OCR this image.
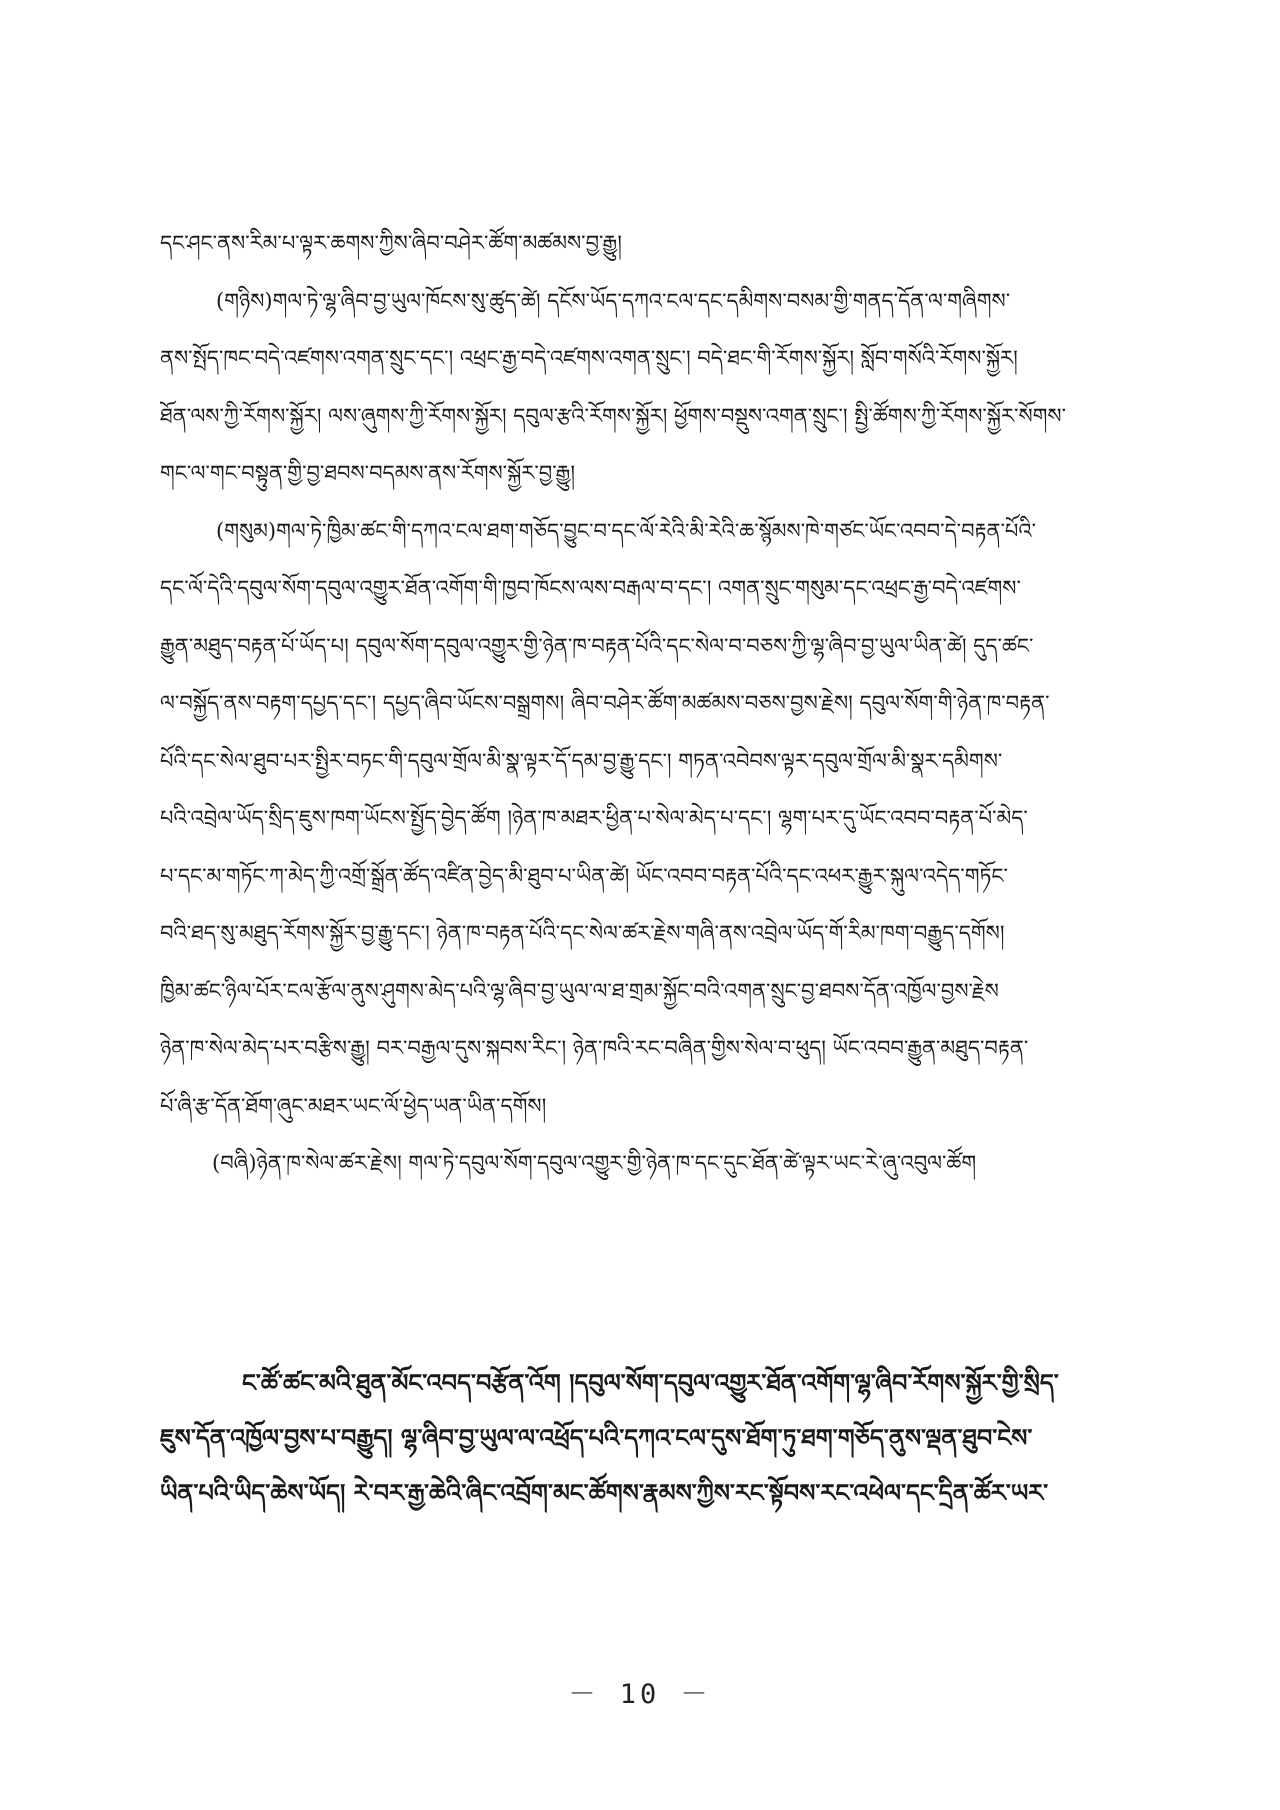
དང་ཤང་ནས་རིམ་པ་ལྟར་ཆགས་ཀྱིས་ཞིབ་བཤེར་ཚོག་མཚམས་བྱ་རྒྱུ།
(གཉིས)གལ་ཏེ་ལྷ་ཞིབ་བྱ་ཡུལ་ཁོངས་སུ་ཚུད་ཚེ། དངོས་ཡོད་དཀའ་ངལ་དང་དམིགས་བསམ་གྱི་གནད་དོན་ལ་གཞིགས་
ནས་སྤོད་ཁང་བདེ་འཛགས་འགན་སྲུང་དང་། འཕྲང་རྒྱ་བདེ་འཛགས་འགན་སྲུང་། བདེ་ཐང་གི་རོགས་སྐྱོར། སློབ་གསོའི་རོགས་སྐྱོར།
ཐོན་ལས་ཀྱི་རོགས་སྐྱོར། ལས་ཞུགས་ཀྱི་རོགས་སྐྱོར། དབུལ་རྩའི་རོགས་སྐྱོར། ཕྱོགས་བསྡུས་འགན་སྲུང་། སྤྱི་ཚོགས་ཀྱི་རོགས་སྐྱོར་སོགས་
གང་ལ་གང་བསྟུན་གྱི་བྱ་ཐབས་བདམས་ནས་རོགས་སྐྱོར་བྱ་རྒྱུ།
(གསུམ)གལ་ཏེ་ཁྱིམ་ཚང་གི་དཀའ་ངལ་ཐག་གཅོད་བྱུང་བ་དང་ལོ་རེའི་མི་རེའི་ཆ་སྙོམས་ཁེ་གཙང་ཡོང་འབབ་དེ་བརྟན་པོའི་
དང་ལོ་དེའི་དབུལ་སོག་དབུལ་འགྱུར་ཐོན་འགོག་གི་ཁྱབ་ཁོངས་ལས་བརྒལ་བ་དང་། འགན་སྲུང་གསུམ་དང་འཕྲང་རྒྱ་བདེ་འཛགས་
རྒྱུན་མཐུད་བརྟན་པོ་ཡོད་པ། དབུལ་སོག་དབུལ་འགྱུར་གྱི་ཉེན་ཁ་བརྟན་པོའི་དང་སེལ་བ་བཅས་ཀྱི་ལྷ་ཞིབ་བྱ་ཡུལ་ཡིན་ཚེ། དུད་ཚང་
ལ་བསྐྱོད་ནས་བརྟག་དཔྱད་དང་། དཔྱད་ཞིབ་ཡོངས་བསྒྲགས། ཞིབ་བཤེར་ཚོག་མཚམས་བཅས་བྱས་རྗེས། དབུལ་སོག་གི་ཉེན་ཁ་བརྟན་
པོའི་དང་སེལ་ཐུབ་པར་སྤྱིར་བཏང་གི་དབུལ་གྲོལ་མི་སྣ་ལྟར་དོ་དམ་བྱ་རྒྱུ་དང་། གཏན་འབེབས་ལྟར་དབུལ་གྲོལ་མི་སྣར་དམིགས་
པའི་འབྲེལ་ཡོད་སྲིད་ཇུས་ཁག་ཡོངས་སྤྱོད་བྱེད་ཚོག །ཉེན་ཁ་མཐར་ཕྱིན་པ་སེལ་མེད་པ་དང་། ལྷག་པར་དུ་ཡོང་འབབ་བརྟན་པོ་མེད་
པ་དང་མ་གཏོང་ཀ་མེད་ཀྱི་འགྲོ་སྒྲོན་ཚོད་འཛིན་བྱེད་མི་ཐུབ་པ་ཡིན་ཚེ། ཡོང་འབབ་བརྟན་པོའི་དང་འཕར་རྒྱུར་སྐུལ་འདེད་གཏོང་
བའི་ཐད་སུ་མཐུད་རོགས་སྐྱོར་བྱ་རྒྱུ་དང་། ཉེན་ཁ་བརྟན་པོའི་དང་སེལ་ཚར་རྗེས་གཞི་ནས་འབྲེལ་ཡོད་གོ་རིམ་ཁག་བརྒྱུད་དགོས།
ཁྱིམ་ཚང་ཉིལ་པོར་ངལ་རྩོལ་ནུས་ཤུགས་མེད་པའི་ལྷ་ཞིབ་བྱ་ཡུལ་ལ་ཐ་གྲམ་སྐྱོང་བའི་འགན་སྲུང་བྱ་ཐབས་དོན་འཁྱོལ་བྱས་རྗེས
ཉེན་ཁ་སེལ་མེད་པར་བརྩིས་རྒྱུ། བར་བརྒྱལ་དུས་སྐབས་རིང་། ཉེན་ཁའི་རང་བཞིན་གྱིས་སེལ་བ་ཕུད། ཡོང་འབབ་རྒྱུན་མཐུད་བརྟན་
པོ་ཞི་རྩ་དོན་ཐོག་ཞུང་མཐར་ཡང་ལོ་ཕྱེད་ཡན་ཡིན་དགོས།
(བཞི)ཉེན་ཁ་སེལ་ཚར་རྗེས། གལ་ཏེ་དབུལ་སོག་དབུལ་འགྱུར་གྱི་ཉེན་ཁ་དང་དུང་ཐོན་ཚེ་ལྟར་ཡང་རེ་ཞུ་འབུལ་ཚོག
ང་ཚོ་ཚང་མའི་ཐུན་མོང་འབད་བརྩོན་འོག །དབུལ་སོག་དབུལ་འགྱུར་ཐོན་འགོག་ལྷ་ཞིབ་རོགས་སྐྱོར་གྱི་སྲིད་
ཇུས་དོན་འཁྱོལ་བྱས་པ་བརྒྱུད། ལྷ་ཞིབ་བྱ་ཡུལ་ལ་འཕྲོད་པའི་དཀའ་ངལ་དུས་ཐོག་ཏུ་ཐག་གཅོད་ནུས་ལྡན་ཐུབ་ངེས་
ཡིན་པའི་ཡིད་ཆེས་ཡོད། རེ་བར་རྒྱ་ཆེའི་ཞིང་འབྲོག་མང་ཚོགས་རྣམས་ཀྱིས་རང་སྟོབས་རང་འཕེལ་དང་དྲིན་ཚོར་ཡར་
－ 10 －
